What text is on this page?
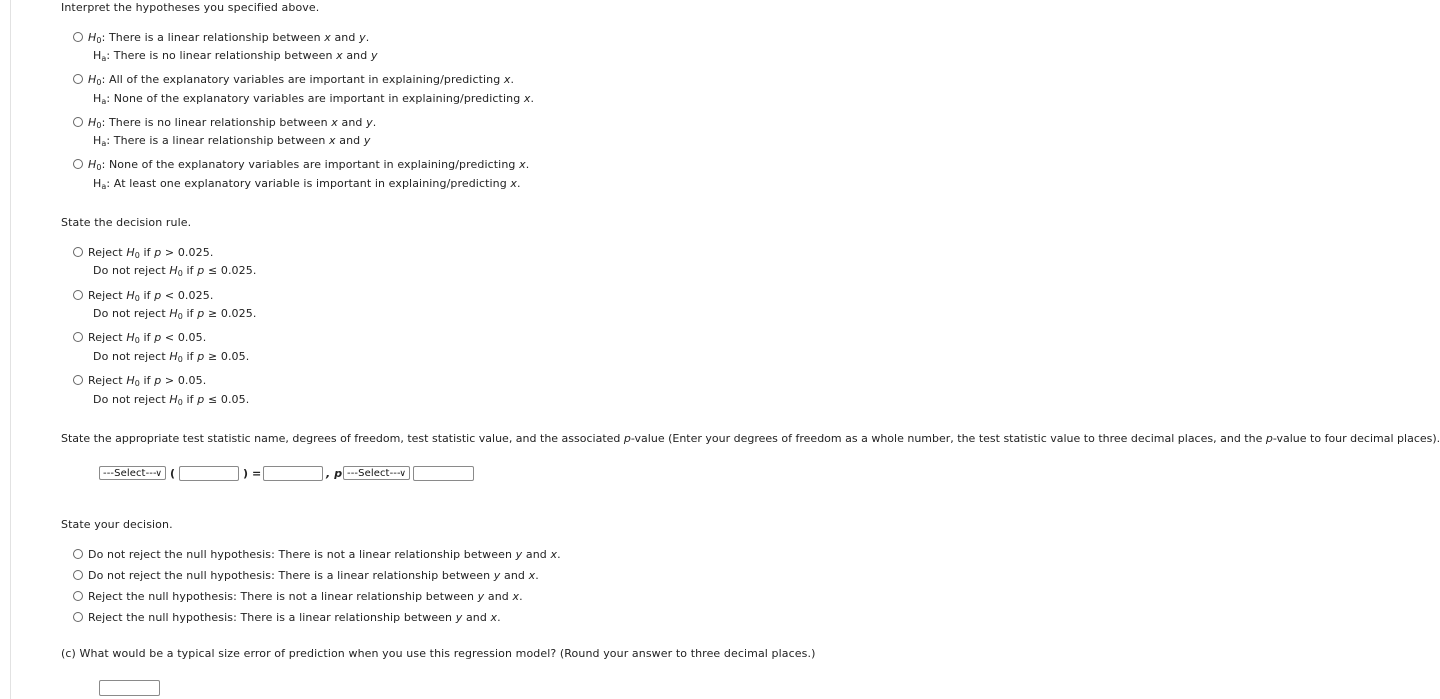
Interpret the hypotheses you specified above.
$H_0$: There is a linear relationship between x and y.
$H_a$: There is no linear relationship between x and y
$H_0$: All of the explanatory variables are important in explaining/predicting x.
$H_a$: None of the explanatory variables are important in explaining/predicting x.
$H_0$: There is no linear relationship between x and y.
$H_a$: There is a linear relationship between x and y
$H_0$: None of the explanatory variables are important in explaining/predicting x.
$H_a$: At least one explanatory variable is important in explaining/predicting x.
State the decision rule.
Reject $H_0$ if p > 0.025.
Do not reject $H_0$ if p ≤ 0.025.
Reject $H_0$ if p < 0.025.
Do not reject $H_0$ if p ≥ 0.025.
Reject $H_0$ if p < 0.05.
Do not reject $H_0$ if p ≥ 0.05.
Reject $H_0$ if p > 0.05.
Do not reject $H_0$ if p ≤ 0.05.
State the appropriate test statistic name, degrees of freedom, test statistic value, and the associated p-value (Enter your degrees of freedom as a whole number, the test statistic value to three decimal places, and the p-value to four decimal places).
---Select---
∨ (	) =	, p ---Select---
∨
State your decision.
Do not reject the null hypothesis: There is not a linear relationship between y and x.
Do not reject the null hypothesis: There is a linear relationship between y and x.
Reject the null hypothesis: There is not a linear relationship between y and x.
Reject the null hypothesis: There is a linear relationship between y and x.
(c) What would be a typical size error of prediction when you use this regression model? (Round your answer to three decimal places.)
